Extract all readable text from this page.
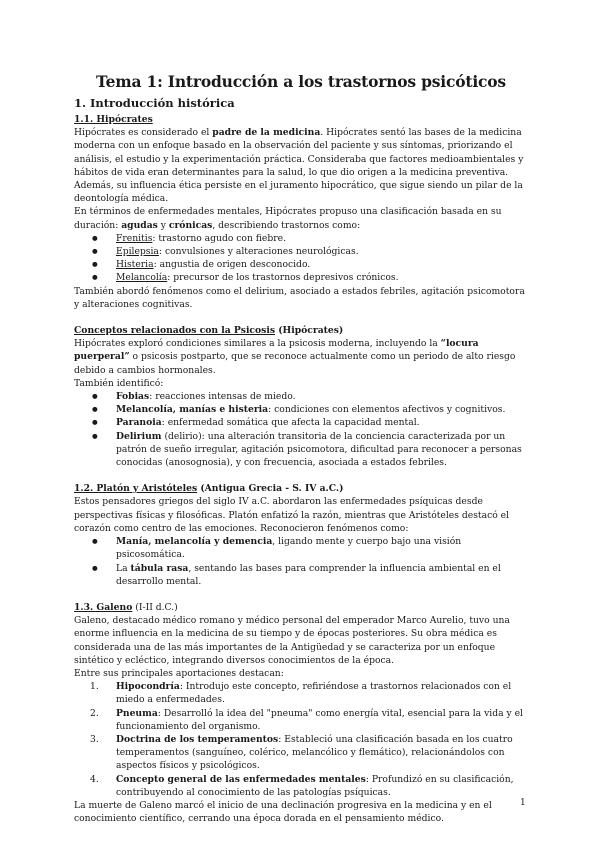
Tema 1: Introducción a los trastornos psicóticos
1. Introducción histórica

1.1. Hipócrates

Hipócrates es considerado el padre de la medicina. Hipócrates sentó las bases de la medicina moderna con un enfoque basado en la observación del paciente y sus síntomas, priorizando el análisis, el estudio y la experimentación práctica. Consideraba que factores medioambientales y hábitos de vida eran determinantes para la salud, lo que dio origen a la medicina preventiva. Además, su influencia ética persiste en el juramento hipocrático, que sigue siendo un pilar de la deontología médica.

En términos de enfermedades mentales, Hipócrates propuso una clasificación basada en su duración: agudas y crónicas, describiendo trastornos como:

● Frenitis: trastorno agudo con fiebre.
● Epilepsia: convulsiones y alteraciones neurológicas.
● Histeria: angustia de origen desconocido.
● Melancolía: precursor de los trastornos depresivos crónicos.

También abordó fenómenos como el delirium, asociado a estados febriles, agitación psicomotora y alteraciones cognitivas.

Conceptos relacionados con la Psicosis (Hipócrates)

Hipócrates exploró condiciones similares a la psicosis moderna, incluyendo la “locura puerperal” o psicosis postparto, que se reconoce actualmente como un periodo de alto riesgo debido a cambios hormonales.

También identificó:

● Fobias: reacciones intensas de miedo.
● Melancolía, manías e histeria: condiciones con elementos afectivos y cognitivos.
● Paranoia: enfermedad somática que afecta la capacidad mental.
● Delirium (delirio): una alteración transitoria de la conciencia caracterizada por un patrón de sueño irregular, agitación psicomotora, dificultad para reconocer a personas conocidas (anosognosia), y con frecuencia, asociada a estados febriles.

1.2. Platón y Aristóteles (Antigua Grecia - S. IV a.C.)

Estos pensadores griegos del siglo IV a.C. abordaron las enfermedades psíquicas desde perspectivas físicas y filosóficas. Platón enfatizó la razón, mientras que Aristóteles destacó el corazón como centro de las emociones. Reconocieron fenómenos como:

● Manía, melancolía y demencia, ligando mente y cuerpo bajo una visión psicosomática.
● La tábula rasa, sentando las bases para comprender la influencia ambiental en el desarrollo mental.

1.3. Galeno (I-II d.C.)

Galeno, destacado médico romano y médico personal del emperador Marco Aurelio, tuvo una enorme influencia en la medicina de su tiempo y de épocas posteriores. Su obra médica es considerada una de las más importantes de la Antigüedad y se caracteriza por un enfoque sintético y ecléctico, integrando diversos conocimientos de la época.

Entre sus principales aportaciones destacan:

1. Hipocondría: Introdujo este concepto, refiriéndose a trastornos relacionados con el miedo a enfermedades.
2. Pneuma: Desarrolló la idea del "pneuma" como energía vital, esencial para la vida y el funcionamiento del organismo.
3. Doctrina de los temperamentos: Estableció una clasificación basada en los cuatro temperamentos (sanguíneo, colérico, melancólico y flemático), relacionándolos con aspectos físicos y psicológicos.
4. Concepto general de las enfermedades mentales: Profundizó en su clasificación, contribuyendo al conocimiento de las patologías psíquicas.

La muerte de Galeno marcó el inicio de una declinación progresiva en la medicina y en el conocimiento científico, cerrando una época dorada en el pensamiento médico.

1
